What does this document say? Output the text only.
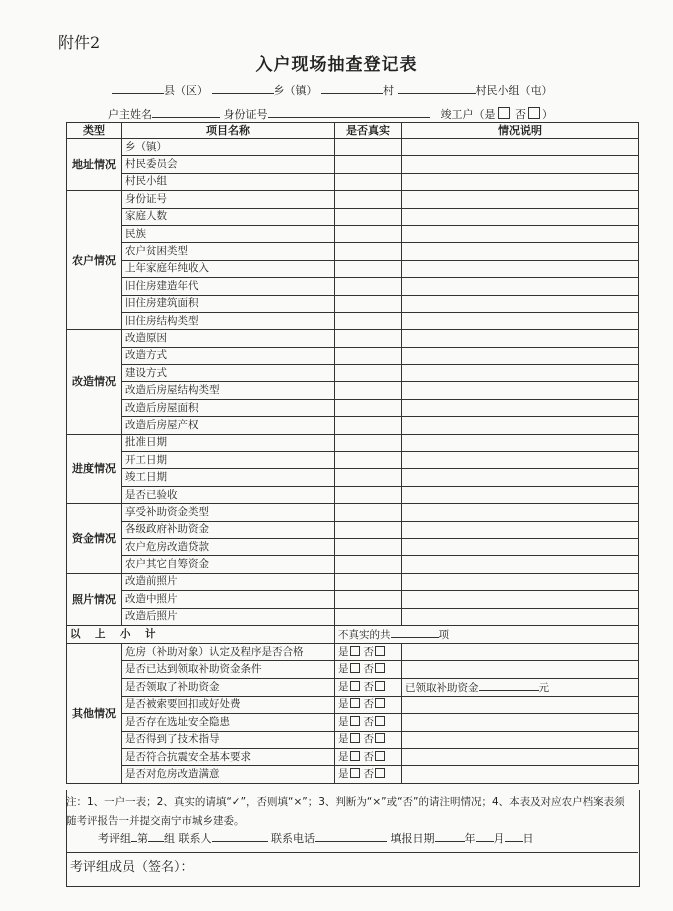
附件2
入户现场抽查登记表
县（区）	乡（镇）	村	村民小组（屯）
户主姓名	身份证号	竣工户（是 否 ）
类型	项目名称	是否真实	情况说明
地址情况	乡（镇）		
	村民委员会		
	村民小组		
农户情况	身份证号		
	家庭人数		
	民族		
	农户贫困类型		
	上年家庭年纯收入		
	旧住房建造年代		
	旧住房建筑面积		
	旧住房结构类型		
改造情况	改造原因		
	改造方式		
	建设方式		
	改造后房屋结构类型		
	改造后房屋面积		
	改造后房屋产权		
进度情况	批准日期		
	开工日期		
	竣工日期		
	是否已验收		
资金情况	享受补助资金类型		
	各级政府补助资金		
	农户危房改造贷款		
	农户其它自筹资金		
照片情况	改造前照片		
	改造中照片		
	改造后照片		
以　上　小　计		不真实的共 项	
其他情况	危房（补助对象）认定及程序是否合格	是 否	
	是否已达到领取补助资金条件	是 否	
	是否领取了补助资金	是 否	已领取补助资金 元
	是否被索要回扣或好处费	是 否	
	是否存在选址安全隐患	是 否	
	是否得到了技术指导	是 否	
	是否符合抗震安全基本要求	是 否	
	是否对危房改造满意	是 否	
注：1、一户一表；2、真实的请填“✓”，否则填“×”；3、判断为“×”或“否”的请注明情况；4、本表及对应农户档案表须随考评报告一并提交南宁市城乡建委。
考评组 第 组 联系人	联系电话	填报日期	年 月 日
考评组成员（签名）：
